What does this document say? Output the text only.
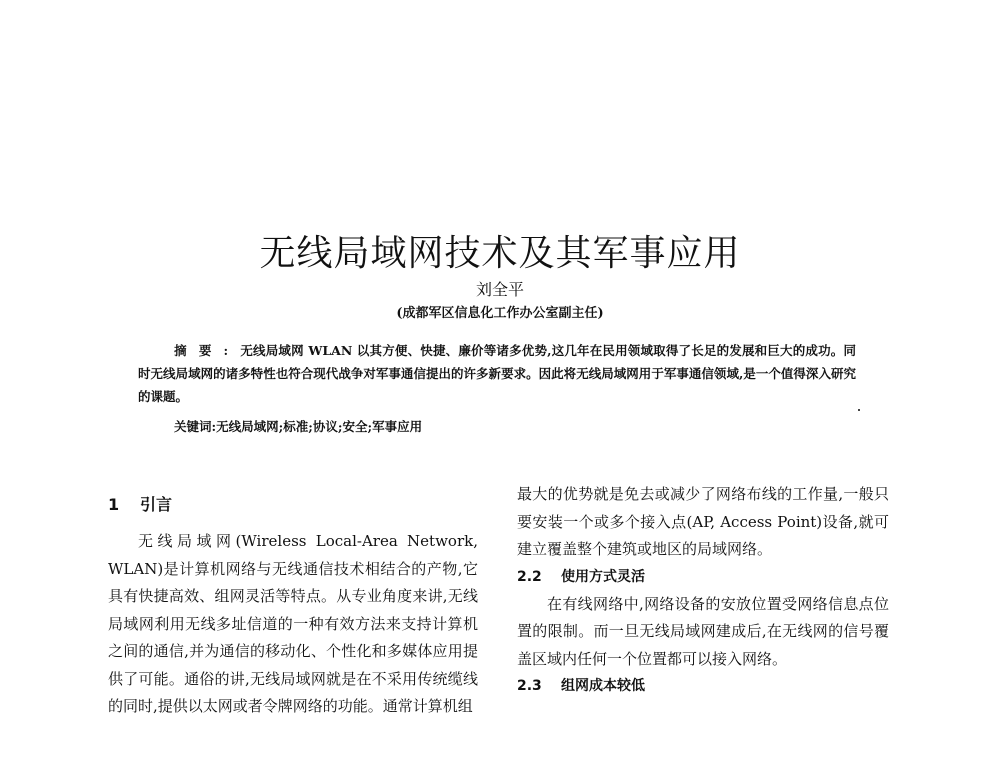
无线局域网技术及其军事应用
刘全平
(成都军区信息化工作办公室副主任)
摘要:无线局域网 WLAN 以其方便、快捷、廉价等诸多优势,这几年在民用领域取得了长足的发展和巨大的成功。同时无线局域网的诸多特性也符合现代战争对军事通信提出的许多新要求。因此将无线局域网用于军事通信领域,是一个值得深入研究的课题。
关键词:无线局域网;标准;协议;安全;军事应用
1 引言

无线局域网(Wireless Local-Area Network, WLAN)是计算机网络与无线通信技术相结合的产物,它具有快捷高效、组网灵活等特点。从专业角度来讲,无线局域网利用无线多址信道的一种有效方法来支持计算机之间的通信,并为通信的移动化、个性化和多媒体应用提供了可能。通俗的讲,无线局域网就是在不采用传统缆线的同时,提供以太网或者令牌网络的功能。通常计算机组

最大的优势就是免去或减少了网络布线的工作量,一般只要安装一个或多个接入点(AP, Access Point)设备,就可建立覆盖整个建筑或地区的局域网络。

2.2 使用方式灵活

在有线网络中,网络设备的安放位置受网络信息点位置的限制。而一旦无线局域网建成后,在无线网的信号覆盖区域内任何一个位置都可以接入网络。

2.3 组网成本较低
